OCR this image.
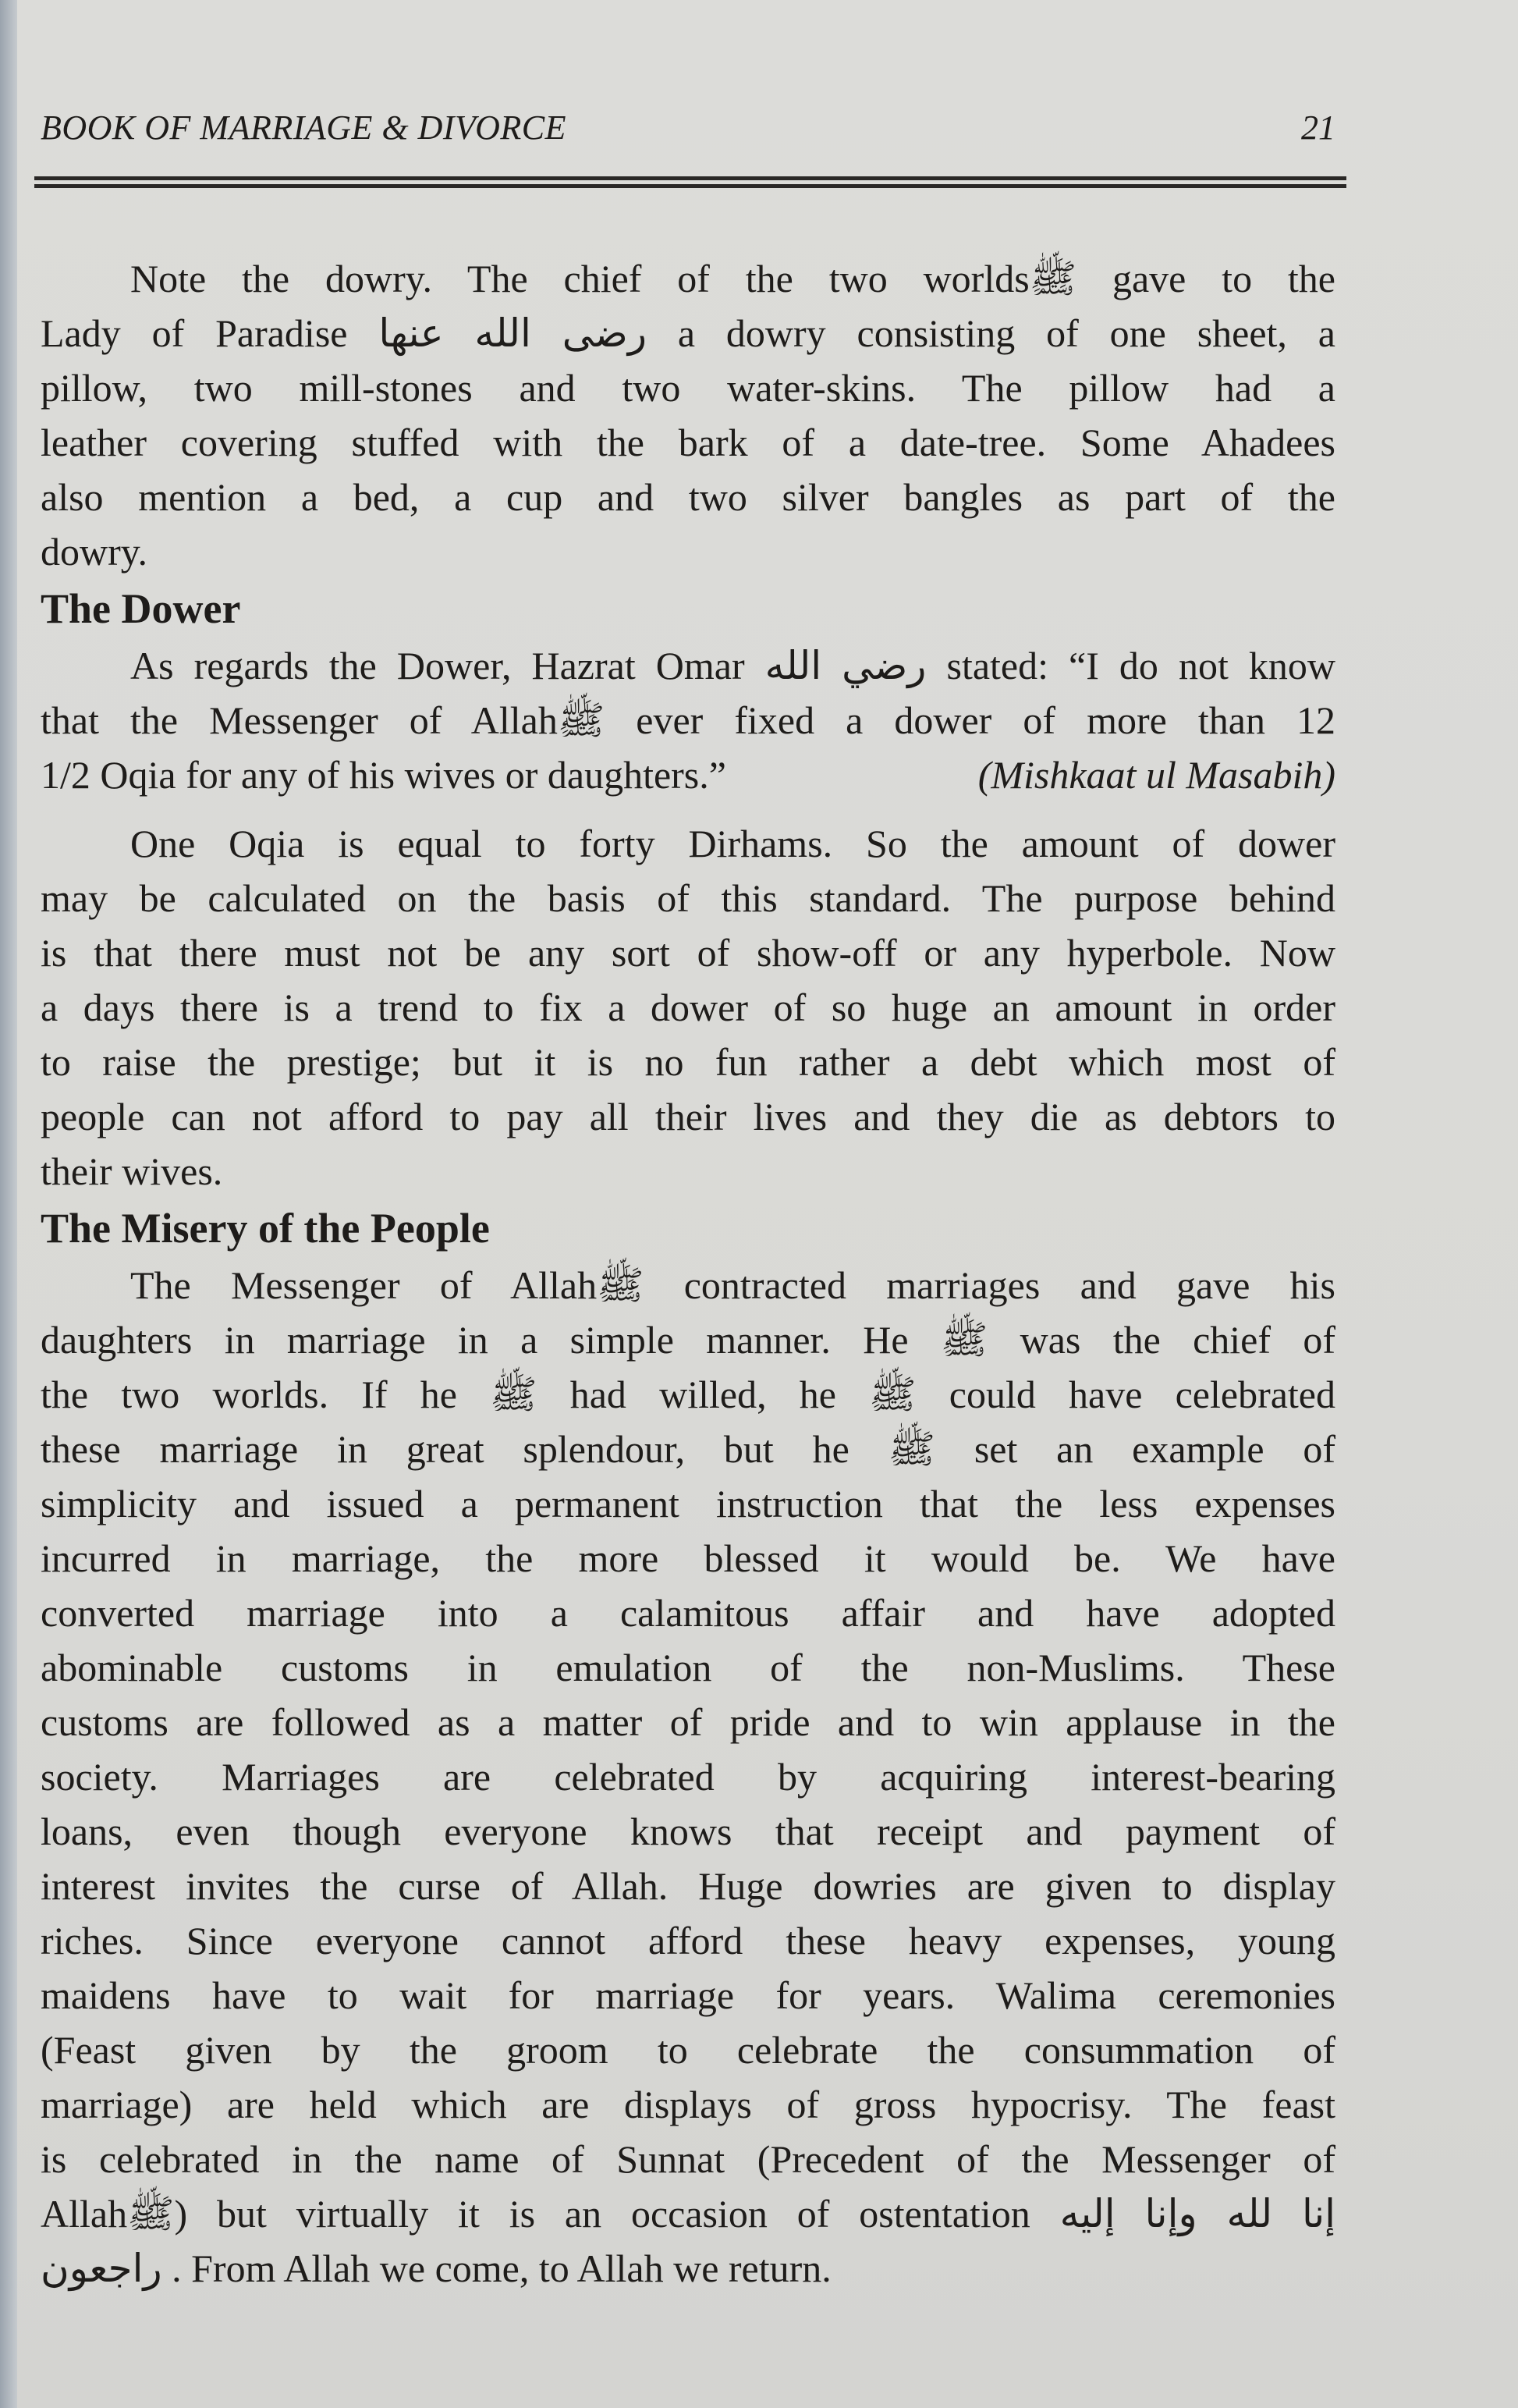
BOOK OF MARRIAGE & DIVORCE	21
Note the dowry. The chief of the two worldsﷺ gave to the
Lady of Paradise رضى الله عنها a dowry consisting of one sheet, a
pillow, two mill-stones and two water-skins. The pillow had a
leather covering stuffed with the bark of a date-tree. Some Ahadees
also mention a bed, a cup and two silver bangles as part of the
dowry.
The Dower
As regards the Dower, Hazrat Omar رضي الله stated: “I do not know
that the Messenger of Allahﷺ ever fixed a dower of more than 12
1/2 Oqia for any of his wives or daughters.”	(Mishkaat ul Masabih)
One Oqia is equal to forty Dirhams. So the amount of dower
may be calculated on the basis of this standard. The purpose behind
is that there must not be any sort of show-off or any hyperbole. Now
a days there is a trend to fix a dower of so huge an amount in order
to raise the prestige; but it is no fun rather a debt which most of
people can not afford to pay all their lives and they die as debtors to
their wives.
The Misery of the People
The Messenger of Allahﷺ contracted marriages and gave his
daughters in marriage in a simple manner. He ﷺ was the chief of
the two worlds. If he ﷺ had willed, he ﷺ could have celebrated
these marriage in great splendour, but he ﷺ set an example of
simplicity and issued a permanent instruction that the less expenses
incurred in marriage, the more blessed it would be. We have
converted marriage into a calamitous affair and have adopted
abominable customs in emulation of the non-Muslims. These
customs are followed as a matter of pride and to win applause in the
society. Marriages are celebrated by acquiring interest-bearing
loans, even though everyone knows that receipt and payment of
interest invites the curse of Allah. Huge dowries are given to display
riches. Since everyone cannot afford these heavy expenses, young
maidens have to wait for marriage for years. Walima ceremonies
(Feast given by the groom to celebrate the consummation of
marriage) are held which are displays of gross hypocrisy. The feast
is celebrated in the name of Sunnat (Precedent of the Messenger of
Allahﷺ) but virtually it is an occasion of ostentation إنا لله وإنا إليه
راجعون . From Allah we come, to Allah we return.
